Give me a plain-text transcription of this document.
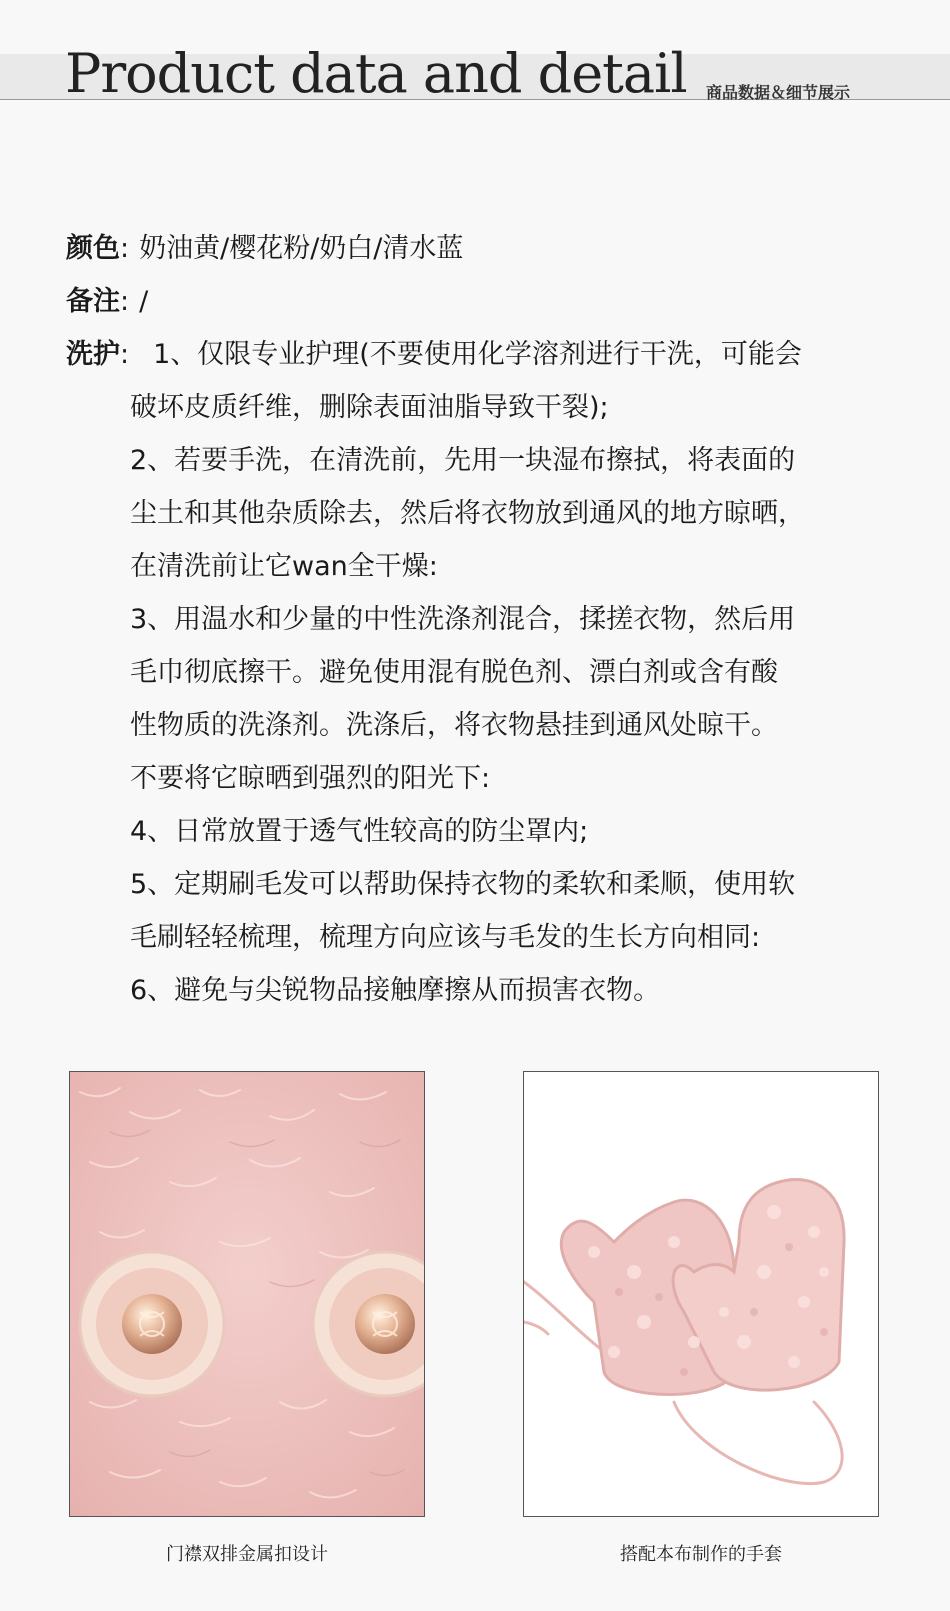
Product data and detail 商品数据＆细节展示
颜色: 奶油黄/樱花粉/奶白/清水蓝
备注: /
洗护: 1、仅限专业护理(不要使用化学溶剂进行干洗，可能会
破坏皮质纤维，删除表面油脂导致干裂);
2、若要手洗，在清洗前，先用一块湿布擦拭，将表面的
尘土和其他杂质除去，然后将衣物放到通风的地方晾晒，
在清洗前让它wan全干燥:
3、用温水和少量的中性洗涤剂混合，揉搓衣物，然后用
毛巾彻底擦干。避免使用混有脱色剂、漂白剂或含有酸
性物质的洗涤剂。洗涤后，将衣物悬挂到通风处晾干。
不要将它晾晒到强烈的阳光下:
4、日常放置于透气性较高的防尘罩内;
5、定期刷毛发可以帮助保持衣物的柔软和柔顺，使用软
毛刷轻轻梳理，梳理方向应该与毛发的生长方向相同:
6、避免与尖锐物品接触摩擦从而损害衣物。
门襟双排金属扣设计	搭配本布制作的手套
